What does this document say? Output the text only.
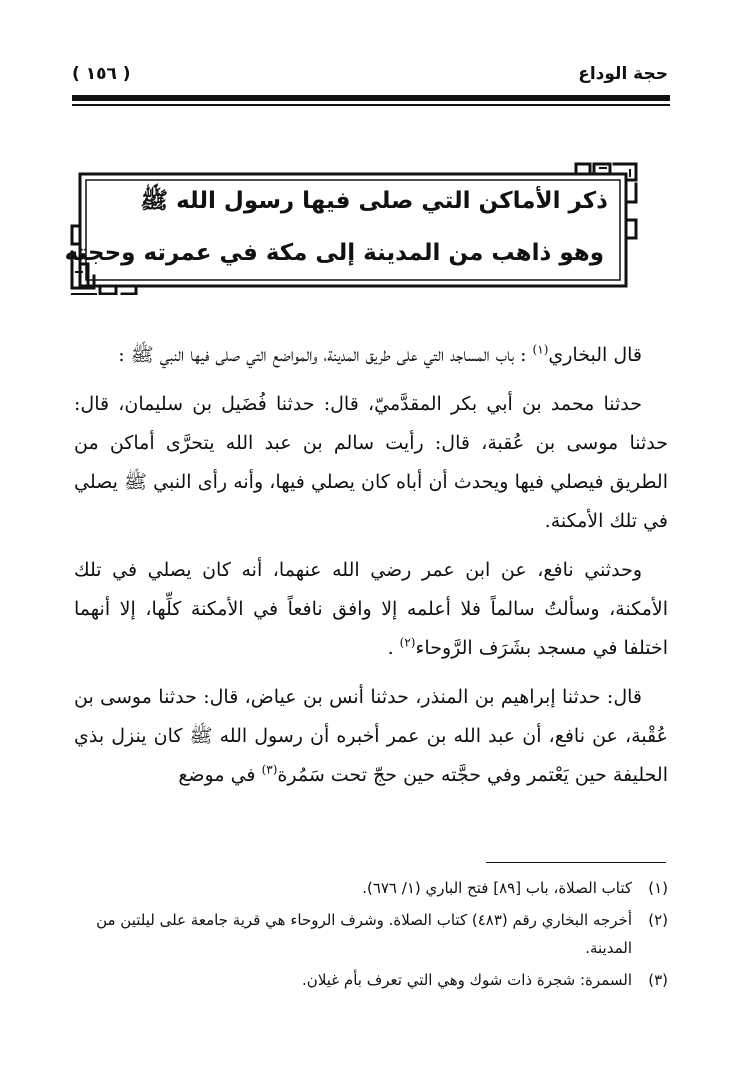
حجة الوداع
( ١٥٦ )
ذكر الأماكن التي صلى فيها رسول الله ﷺ
وهو ذاهب من المدينة إلى مكة في عمرته وحجته

قال البخاري$^{(١)}$ : باب المساجد التي على طريق المدينة، والمواضع التي صلى فيها النبي ﷺ :

حدثنا محمد بن أبي بكر المقدَّميّ، قال: حدثنا فُضَيل بن سليمان، قال: حدثنا موسى بن عُقبة، قال: رأيت سالم بن عبد الله يتحرَّى أماكن من الطريق فيصلي فيها ويحدث أن أباه كان يصلي فيها، وأنه رأى النبي ﷺ يصلي في تلك الأمكنة.

وحدثني نافع، عن ابن عمر رضي الله عنهما، أنه كان يصلي في تلك الأمكنة، وسألتُ سالماً فلا أعلمه إلا وافق نافعاً في الأمكنة كلِّها، إلا أنهما اختلفا في مسجد بشَرَف الرَّوحاء$^{(٢)}$ .

قال: حدثنا إبراهيم بن المنذر، حدثنا أنس بن عياض، قال: حدثنا موسى بن عُقْبة، عن نافع، أن عبد الله بن عمر أخبره أن رسول الله ﷺ كان ينزل بذي الحليفة حين يَعْتمر وفي حجَّته حين حجّ تحت سَمُرة$^{(٣)}$ في موضع

(١)
كتاب الصلاة، باب [٨٩] فتح الباري (١/ ٦٧٦).
(٢)
أخرجه البخاري رقم (٤٨٣) كتاب الصلاة. وشرف الروحاء هي قرية جامعة على ليلتين من المدينة.
(٣)
السمرة: شجرة ذات شوك وهي التي تعرف بأم غيلان.
